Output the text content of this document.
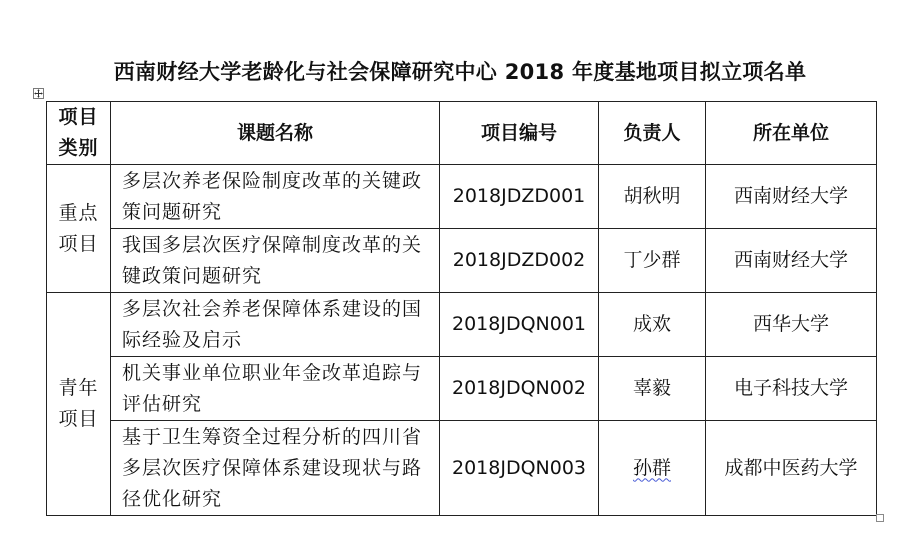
西南财经大学老龄化与社会保障研究中心 2018 年度基地项目拟立项名单
项目类别	课题名称	项目编号	负责人	所在单位
重点项目	多层次养老保险制度改革的关键政策问题研究	2018JDZD001	胡秋明	西南财经大学
	我国多层次医疗保障制度改革的关键政策问题研究	2018JDZD002	丁少群	西南财经大学
青年项目	多层次社会养老保障体系建设的国际经验及启示	2018JDQN001	成欢	西华大学
	机关事业单位职业年金改革追踪与评估研究	2018JDQN002	辜毅	电子科技大学
	基于卫生筹资全过程分析的四川省多层次医疗保障体系建设现状与路径优化研究	2018JDQN003	孙群	成都中医药大学
